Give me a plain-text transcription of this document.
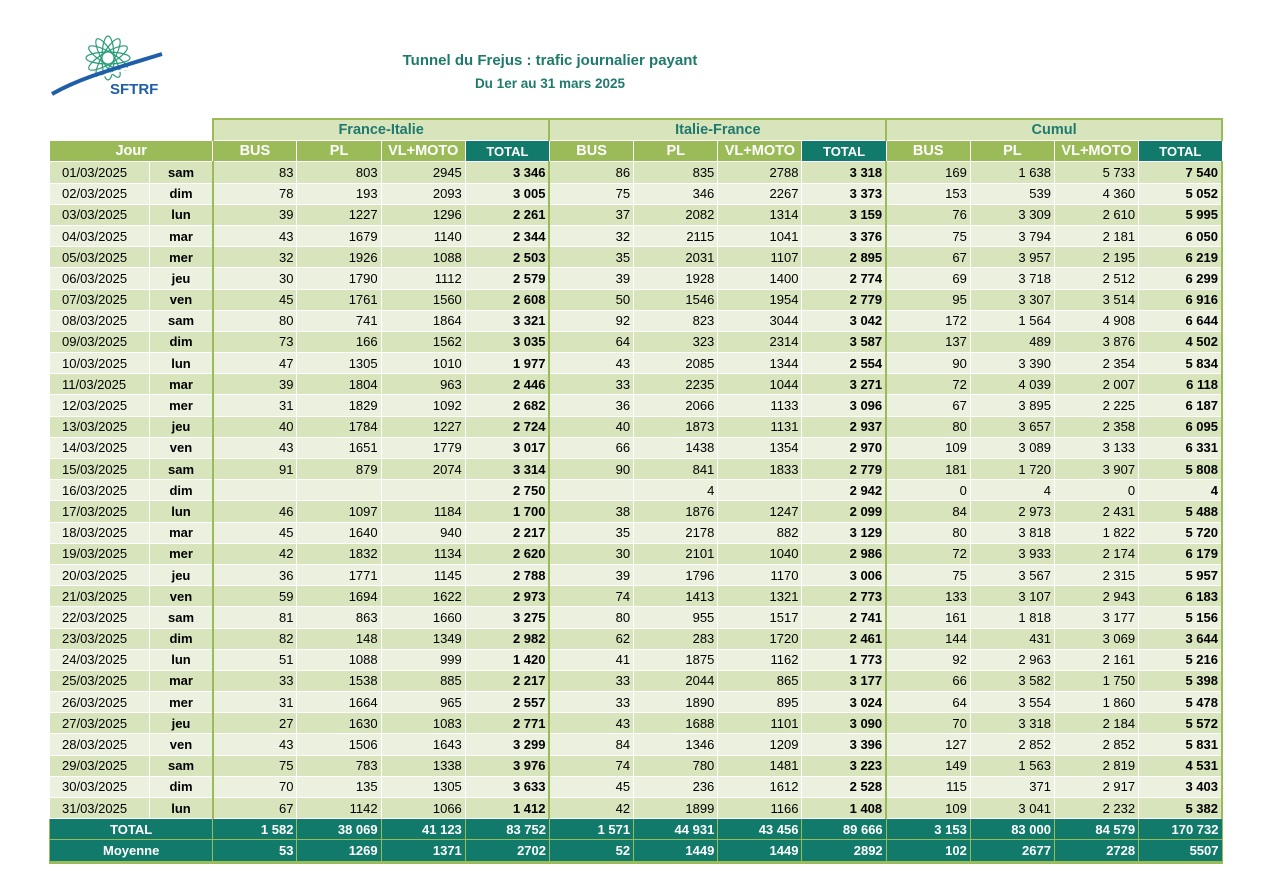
SFTRF
Tunnel du Frejus : trafic journalier payant
Du 1er au 31 mars 2025
		France-Italie				Italie-France				Cumul			
Jour		BUS	PL	VL+MOTO	TOTAL	BUS	PL	VL+MOTO	TOTAL	BUS	PL	VL+MOTO	TOTAL
01/03/2025	sam	83	803	2945	3 346	86	835	2788	3 318	169	1 638	5 733	7 540
02/03/2025	dim	78	193	2093	3 005	75	346	2267	3 373	153	539	4 360	5 052
03/03/2025	lun	39	1227	1296	2 261	37	2082	1314	3 159	76	3 309	2 610	5 995
04/03/2025	mar	43	1679	1140	2 344	32	2115	1041	3 376	75	3 794	2 181	6 050
05/03/2025	mer	32	1926	1088	2 503	35	2031	1107	2 895	67	3 957	2 195	6 219
06/03/2025	jeu	30	1790	1112	2 579	39	1928	1400	2 774	69	3 718	2 512	6 299
07/03/2025	ven	45	1761	1560	2 608	50	1546	1954	2 779	95	3 307	3 514	6 916
08/03/2025	sam	80	741	1864	3 321	92	823	3044	3 042	172	1 564	4 908	6 644
09/03/2025	dim	73	166	1562	3 035	64	323	2314	3 587	137	489	3 876	4 502
10/03/2025	lun	47	1305	1010	1 977	43	2085	1344	2 554	90	3 390	2 354	5 834
11/03/2025	mar	39	1804	963	2 446	33	2235	1044	3 271	72	4 039	2 007	6 118
12/03/2025	mer	31	1829	1092	2 682	36	2066	1133	3 096	67	3 895	2 225	6 187
13/03/2025	jeu	40	1784	1227	2 724	40	1873	1131	2 937	80	3 657	2 358	6 095
14/03/2025	ven	43	1651	1779	3 017	66	1438	1354	2 970	109	3 089	3 133	6 331
15/03/2025	sam	91	879	2074	3 314	90	841	1833	2 779	181	1 720	3 907	5 808
16/03/2025	dim				2 750		4		2 942	0	4	0	4
17/03/2025	lun	46	1097	1184	1 700	38	1876	1247	2 099	84	2 973	2 431	5 488
18/03/2025	mar	45	1640	940	2 217	35	2178	882	3 129	80	3 818	1 822	5 720
19/03/2025	mer	42	1832	1134	2 620	30	2101	1040	2 986	72	3 933	2 174	6 179
20/03/2025	jeu	36	1771	1145	2 788	39	1796	1170	3 006	75	3 567	2 315	5 957
21/03/2025	ven	59	1694	1622	2 973	74	1413	1321	2 773	133	3 107	2 943	6 183
22/03/2025	sam	81	863	1660	3 275	80	955	1517	2 741	161	1 818	3 177	5 156
23/03/2025	dim	82	148	1349	2 982	62	283	1720	2 461	144	431	3 069	3 644
24/03/2025	lun	51	1088	999	1 420	41	1875	1162	1 773	92	2 963	2 161	5 216
25/03/2025	mar	33	1538	885	2 217	33	2044	865	3 177	66	3 582	1 750	5 398
26/03/2025	mer	31	1664	965	2 557	33	1890	895	3 024	64	3 554	1 860	5 478
27/03/2025	jeu	27	1630	1083	2 771	43	1688	1101	3 090	70	3 318	2 184	5 572
28/03/2025	ven	43	1506	1643	3 299	84	1346	1209	3 396	127	2 852	2 852	5 831
29/03/2025	sam	75	783	1338	3 976	74	780	1481	3 223	149	1 563	2 819	4 531
30/03/2025	dim	70	135	1305	3 633	45	236	1612	2 528	115	371	2 917	3 403
31/03/2025	lun	67	1142	1066	1 412	42	1899	1166	1 408	109	3 041	2 232	5 382
TOTAL		1 582	38 069	41 123	83 752	1 571	44 931	43 456	89 666	3 153	83 000	84 579	170 732
Moyenne		53	1269	1371	2702	52	1449	1449	2892	102	2677	2728	5507
